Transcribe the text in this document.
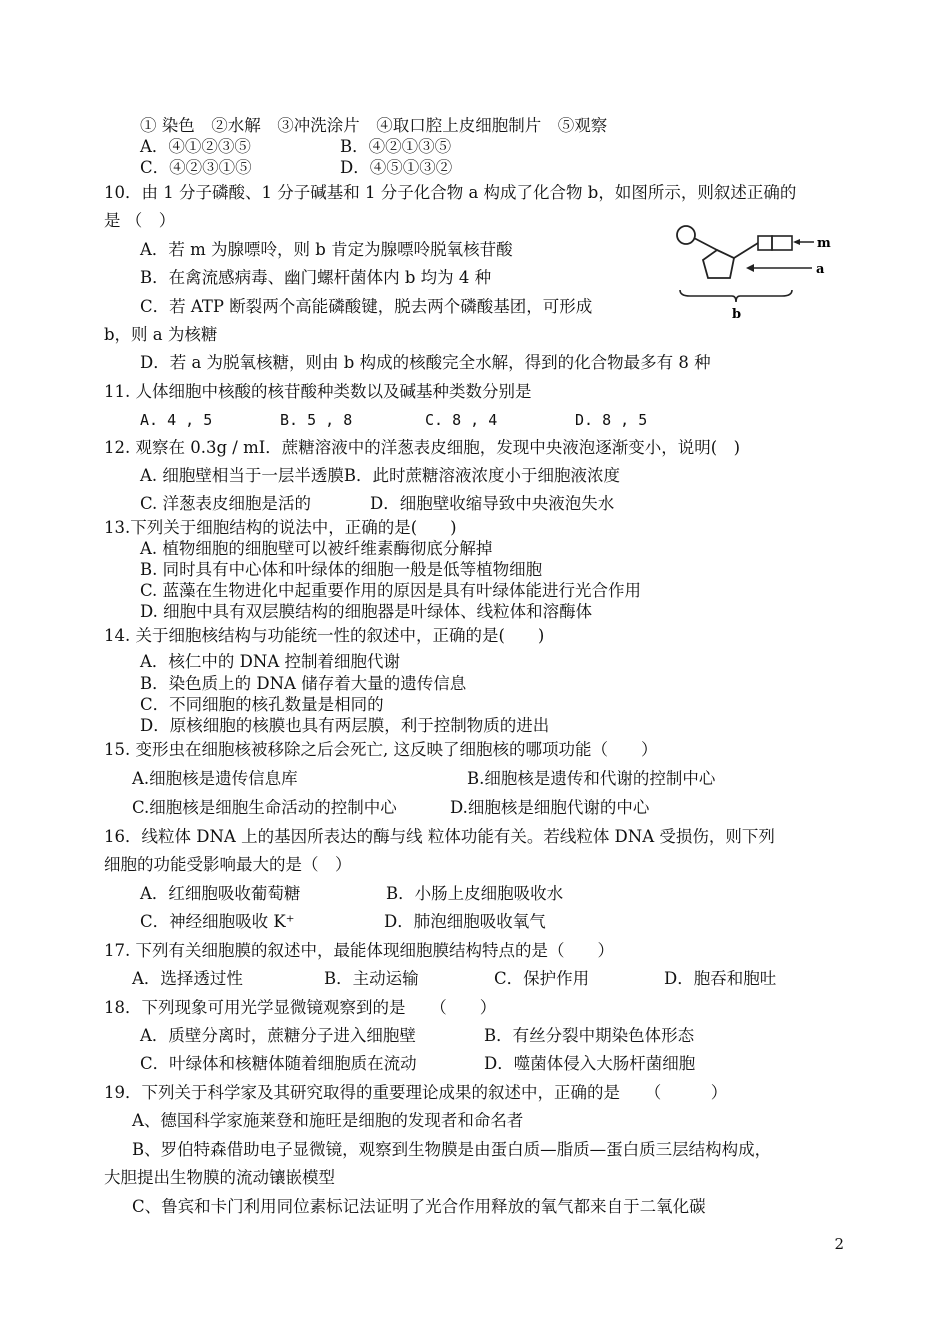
① 染色　②水解　③冲洗涂片　④取口腔上皮细胞制片　⑤观察
A．④①②③⑤	B．④②①③⑤
C．④②③①⑤	D．④⑤①③②
10．由 1 分子磷酸、1 分子碱基和 1 分子化合物 a 构成了化合物 b，如图所示，则叙述正确的
是 （　）
A．若 m 为腺嘌呤，则 b 肯定为腺嘌呤脱氧核苷酸
B．在禽流感病毒、幽门螺杆菌体内 b 均为 4 种
C．若 ATP 断裂两个高能磷酸键，脱去两个磷酸基团，可形成
b，则 a 为核糖
D．若 a 为脱氧核糖，则由 b 构成的核酸完全水解，得到的化合物最多有 8 种
m
a
b
11. 人体细胞中核酸的核苷酸种类数以及碱基种类数分别是
A. 4 , 5	B. 5 , 8	C. 8 , 4	D. 8 , 5
12. 观察在 0.3g / mI．蔗糖溶液中的洋葱表皮细胞，发现中央液泡逐渐变小，说明(　)
A. 细胞壁相当于一层半透膜B．此时蔗糖溶液浓度小于细胞液浓度
C. 洋葱表皮细胞是活的	D．细胞壁收缩导致中央液泡失水
13.下列关于细胞结构的说法中，正确的是(　　)
A. 植物细胞的细胞壁可以被纤维素酶彻底分解掉
B. 同时具有中心体和叶绿体的细胞一般是低等植物细胞
C. 蓝藻在生物进化中起重要作用的原因是具有叶绿体能进行光合作用
D. 细胞中具有双层膜结构的细胞器是叶绿体、线粒体和溶酶体
14. 关于细胞核结构与功能统一性的叙述中，正确的是(　　)
A．核仁中的 DNA 控制着细胞代谢
B．染色质上的 DNA 储存着大量的遗传信息
C．不同细胞的核孔数量是相同的
D．原核细胞的核膜也具有两层膜，利于控制物质的进出
15. 变形虫在细胞核被移除之后会死亡, 这反映了细胞核的哪项功能（　　）
A.细胞核是遗传信息库	B.细胞核是遗传和代谢的控制中心
C.细胞核是细胞生命活动的控制中心	D.细胞核是细胞代谢的中心
16．线粒体 DNA 上的基因所表达的酶与线 粒体功能有关。若线粒体 DNA 受损伤，则下列
细胞的功能受影响最大的是（　）
A．红细胞吸收葡萄糖	B．小肠上皮细胞吸收水
C．神经细胞吸收 K⁺	D．肺泡细胞吸收氧气
17. 下列有关细胞膜的叙述中，最能体现细胞膜结构特点的是（　　）
A．选择透过性	B．主动运输	C．保护作用	D．胞吞和胞吐
18．下列现象可用光学显微镜观察到的是　　（　　）
A．质壁分离时，蔗糖分子进入细胞壁	B．有丝分裂中期染色体形态
C．叶绿体和核糖体随着细胞质在流动	D．噬菌体侵入大肠杆菌细胞
19．下列关于科学家及其研究取得的重要理论成果的叙述中，正确的是　　（　　　）
A、德国科学家施莱登和施旺是细胞的发现者和命名者
B、罗伯特森借助电子显微镜，观察到生物膜是由蛋白质—脂质—蛋白质三层结构构成，
大胆提出生物膜的流动镶嵌模型
C、鲁宾和卡门利用同位素标记法证明了光合作用释放的氧气都来自于二氧化碳
2
